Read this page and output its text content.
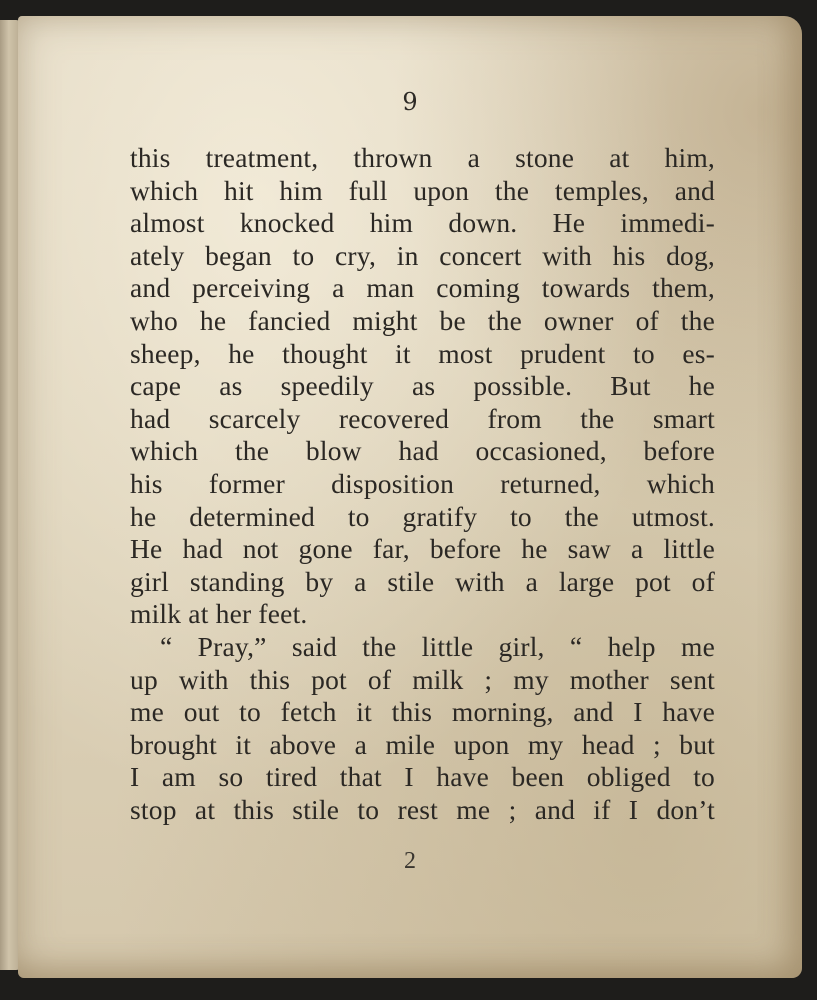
9
this treatment, thrown a stone at him,
which hit him full upon the temples, and
almost knocked him down. He immedi-
ately began to cry, in concert with his dog,
and perceiving a man coming towards them,
who he fancied might be the owner of the
sheep, he thought it most prudent to es-
cape as speedily as possible. But he
had scarcely recovered from the smart
which the blow had occasioned, before
his former disposition returned, which
he determined to gratify to the utmost.
He had not gone far, before he saw a little
girl standing by a stile with a large pot of
milk at her feet.
“ Pray,” said the little girl, “ help me
up with this pot of milk ; my mother sent
me out to fetch it this morning, and I have
brought it above a mile upon my head ; but
I am so tired that I have been obliged to
stop at this stile to rest me ; and if I don’t
2
